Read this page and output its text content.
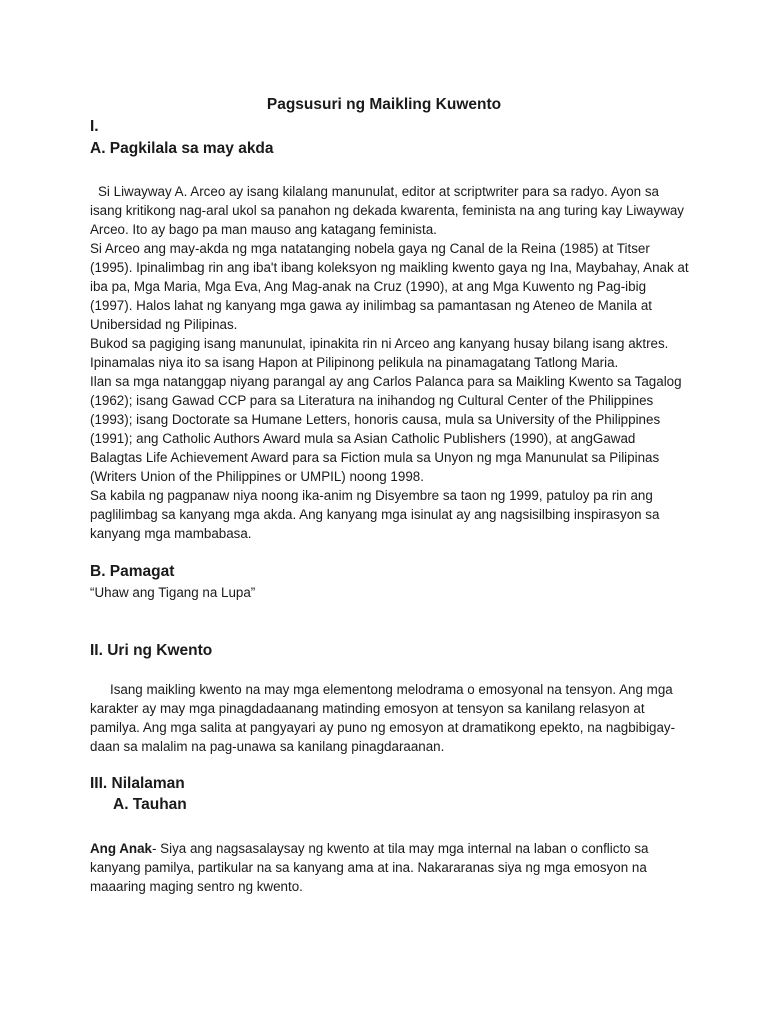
Pagsusuri ng Maikling Kuwento
I.
A. Pagkilala sa may akda

Si Liwayway A. Arceo ay isang kilalang manunulat, editor at scriptwriter para sa radyo. Ayon sa isang kritikong nag-aral ukol sa panahon ng dekada kwarenta, feminista na ang turing kay Liwayway Arceo. Ito ay bago pa man mauso ang katagang feminista.

Si Arceo ang may-akda ng mga natatanging nobela gaya ng Canal de la Reina (1985) at Titser (1995). Ipinalimbag rin ang iba't ibang koleksyon ng maikling kwento gaya ng Ina, Maybahay, Anak at iba pa, Mga Maria, Mga Eva, Ang Mag-anak na Cruz (1990), at ang Mga Kuwento ng Pag-ibig (1997). Halos lahat ng kanyang mga gawa ay inilimbag sa pamantasan ng Ateneo de Manila at Unibersidad ng Pilipinas.

Bukod sa pagiging isang manunulat, ipinakita rin ni Arceo ang kanyang husay bilang isang aktres. Ipinamalas niya ito sa isang Hapon at Pilipinong pelikula na pinamagatang Tatlong Maria.

Ilan sa mga natanggap niyang parangal ay ang Carlos Palanca para sa Maikling Kwento sa Tagalog (1962); isang Gawad CCP para sa Literatura na inihandog ng Cultural Center of the Philippines (1993); isang Doctorate sa Humane Letters, honoris causa, mula sa University of the Philippines (1991); ang Catholic Authors Award mula sa Asian Catholic Publishers (1990), at angGawad Balagtas Life Achievement Award para sa Fiction mula sa Unyon ng mga Manunulat sa Pilipinas (Writers Union of the Philippines or UMPIL) noong 1998.

Sa kabila ng pagpanaw niya noong ika-anim ng Disyembre sa taon ng 1999, patuloy pa rin ang paglilimbag sa kanyang mga akda. Ang kanyang mga isinulat ay ang nagsisilbing inspirasyon sa kanyang mga mambabasa.

B. Pamagat

“Uhaw ang Tigang na Lupa”

II. Uri ng Kwento

Isang maikling kwento na may mga elementong melodrama o emosyonal na tensyon. Ang mga karakter ay may mga pinagdadaanang matinding emosyon at tensyon sa kanilang relasyon at pamilya. Ang mga salita at pangyayari ay puno ng emosyon at dramatikong epekto, na nagbibigay-daan sa malalim na pag-unawa sa kanilang pinagdaraanan.

III. Nilalaman
A. Tauhan

Ang Anak- Siya ang nagsasalaysay ng kwento at tila may mga internal na laban o conflicto sa kanyang pamilya, partikular na sa kanyang ama at ina. Nakararanas siya ng mga emosyon na maaaring maging sentro ng kwento.
